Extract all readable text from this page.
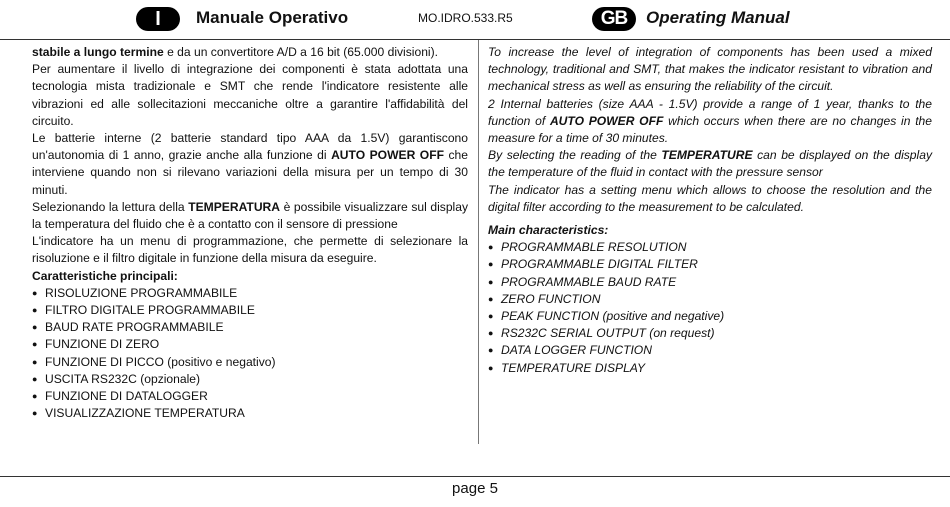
I	Manuale Operativo	MO.IDRO.533.R5	GB	Operating Manual

stabile a lungo termine e da un convertitore A/D a 16 bit (65.000 divisioni).

Per aumentare il livello di integrazione dei componenti è stata adottata una tecnologia mista tradizionale e SMT che rende l'indicatore resistente alle vibrazioni ed alle sollecitazioni meccaniche oltre a garantire l'affidabilità del circuito.

Le batterie interne (2 batterie standard tipo AAA da 1.5V) garantiscono un'autonomia di 1 anno, grazie anche alla funzione di AUTO POWER OFF che interviene quando non si rilevano variazioni della misura per un tempo di 30 minuti.

Selezionando la lettura della TEMPERATURA è possibile visualizzare sul display la temperatura del fluido che è a contatto con il sensore di pressione

L'indicatore ha un menu di programmazione, che permette di selezionare la risoluzione e il filtro digitale in funzione della misura da eseguire.

Caratteristiche principali:

● RISOLUZIONE PROGRAMMABILE
● FILTRO DIGITALE PROGRAMMABILE
● BAUD RATE PROGRAMMABILE
● FUNZIONE DI ZERO
● FUNZIONE DI PICCO (positivo e negativo)
● USCITA RS232C (opzionale)
● FUNZIONE DI DATALOGGER
● VISUALIZZAZIONE TEMPERATURA

To increase the level of integration of components has been used a mixed technology, traditional and SMT, that makes the indicator resistant to vibration and mechanical stress as well as ensuring the reliability of the circuit.

2 Internal batteries (size AAA - 1.5V) provide a range of 1 year, thanks to the function of AUTO POWER OFF which occurs when there are no changes in the measure for a time of 30 minutes.

By selecting the reading of the TEMPERATURE can be displayed on the display the temperature of the fluid in contact with the pressure sensor

The indicator has a setting menu which allows to choose the resolution and the digital filter according to the measurement to be calculated.

Main characteristics:

● PROGRAMMABLE RESOLUTION
● PROGRAMMABLE DIGITAL FILTER
● PROGRAMMABLE BAUD RATE
● ZERO FUNCTION
● PEAK FUNCTION (positive and negative)
● RS232C SERIAL OUTPUT (on request)
● DATA LOGGER FUNCTION
● TEMPERATURE DISPLAY
page 5
